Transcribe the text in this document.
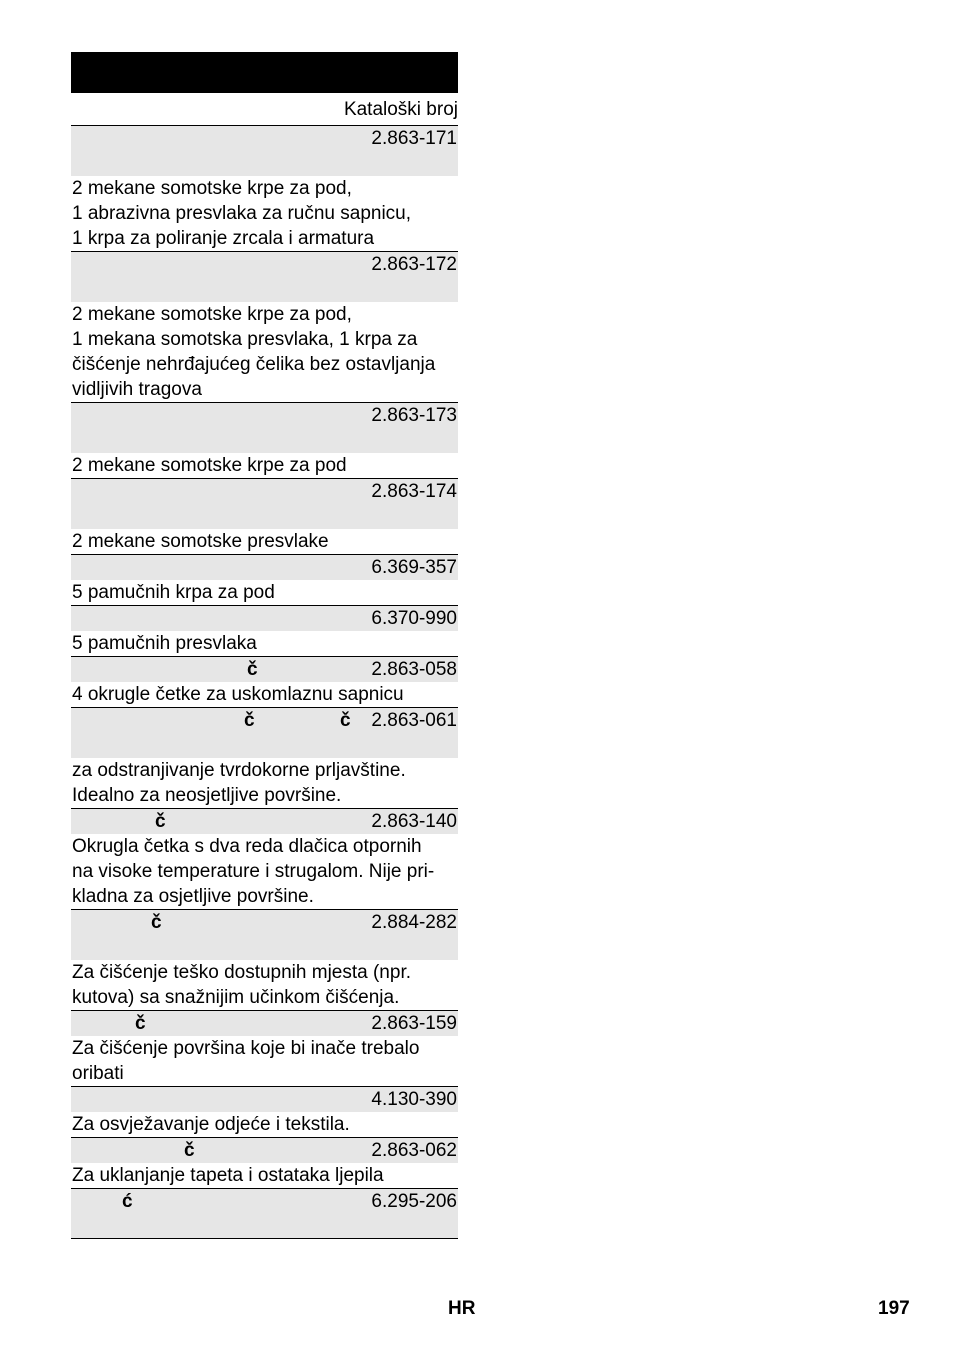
Kataloški broj
2.863-171
2 mekane somotske krpe za pod,
1 abrazivna presvlaka za ručnu sapnicu,
1 krpa za poliranje zrcala i armatura
2.863-172
2 mekane somotske krpe za pod,
1 mekana somotska presvlaka, 1 krpa za
čišćenje nehrđajućeg čelika bez ostavljanja
vidljivih tragova
2.863-173
2 mekane somotske krpe za pod
2.863-174
2 mekane somotske presvlake
6.369-357
5 pamučnih krpa za pod
6.370-990
5 pamučnih presvlaka
2.863-058
č
4 okrugle četke za uskomlaznu sapnicu
2.863-061
č	č
za odstranjivanje tvrdokorne prljavštine.
Idealno za neosjetljive površine.
2.863-140
č
Okrugla četka s dva reda dlačica otpornih
na visoke temperature i strugalom. Nije pri-
kladna za osjetljive površine.
2.884-282
č
Za čišćenje teško dostupnih mjesta (npr.
kutova) sa snažnijim učinkom čišćenja.
2.863-159
č
Za čišćenje površina koje bi inače trebalo
oribati
4.130-390
Za osvježavanje odjeće i tekstila.
2.863-062
č
Za uklanjanje tapeta i ostataka ljepila
6.295-206
ć
HR	197
